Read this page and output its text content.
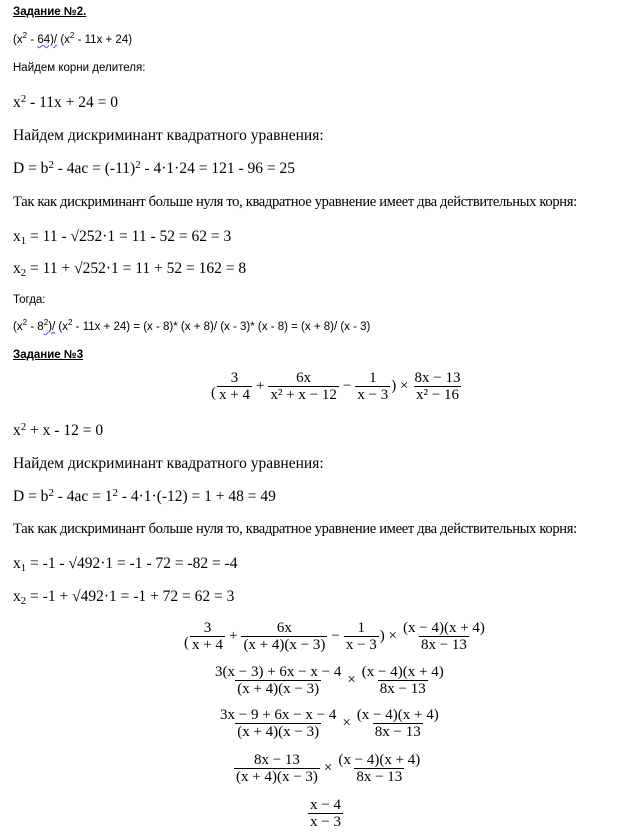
Задание №2.
$(x^2 - 64)/$ $(x^2 - 11x + 24)$
Найдем корни делителя:
$x^2 - 11x + 24 = 0$
Найдем дискриминант квадратного уравнения:
$D = b^2 - 4ac = (-11)^2 - 4\cdot 1\cdot 24 = 121 - 96 = 25$
Так как дискриминант больше нуля то, квадратное уравнение имеет два действительных корня:
$x_1 = 11 - √252\cdot 1 = 11 - 52 = 62 = 3$
$x_2 = 11 + √252\cdot 1 = 11 + 52 = 162 = 8$
Тогда:
$(x^2 - 8^2)/$ $(x^2 - 11x + 24) = (x - 8)*$ (x + 8)/ (x - 3)* (x - 8) = (x + 8)/ (x - 3)
Задание №3
( $\frac{3}{x + 4} + \frac{6x}{\text{x² + x − 12}} - \frac{1}{x - 3}$ ) × $\frac{8x - 13}{\text{x² − 16}}$
$x^2 + x - 12 = 0$
Найдем дискриминант квадратного уравнения:
$D = b^2 - 4ac = 1^2 - 4\cdot 1\cdot(-12) = 1 + 48 = 49$
Так как дискриминант больше нуля то, квадратное уравнение имеет два действительных корня:
$x_1 = -1 - √492\cdot 1 = -1 - 72 = -82 = -4$
$x_2 = -1 + √492\cdot 1 = -1 + 72 = 62 = 3$
( $\frac{3}{x + 4} + \frac{6x}{(x + 4)(x - 3)} - \frac{1}{x - 3}$ ) × $\frac{(x - 4)(x + 4)}{8x - 13}$
$\frac{3(x - 3) + 6x - x - 4}{(x + 4)(x - 3)} \times \frac{(x - 4)(x + 4)}{8x - 13}$
$\frac{3x - 9 + 6x - x - 4}{(x + 4)(x - 3)} \times \frac{(x - 4)(x + 4)}{8x - 13}$
$\frac{8x - 13}{(x + 4)(x - 3)} \times \frac{(x - 4)(x + 4)}{8x - 13}$
$\frac{x - 4}{x - 3}$
